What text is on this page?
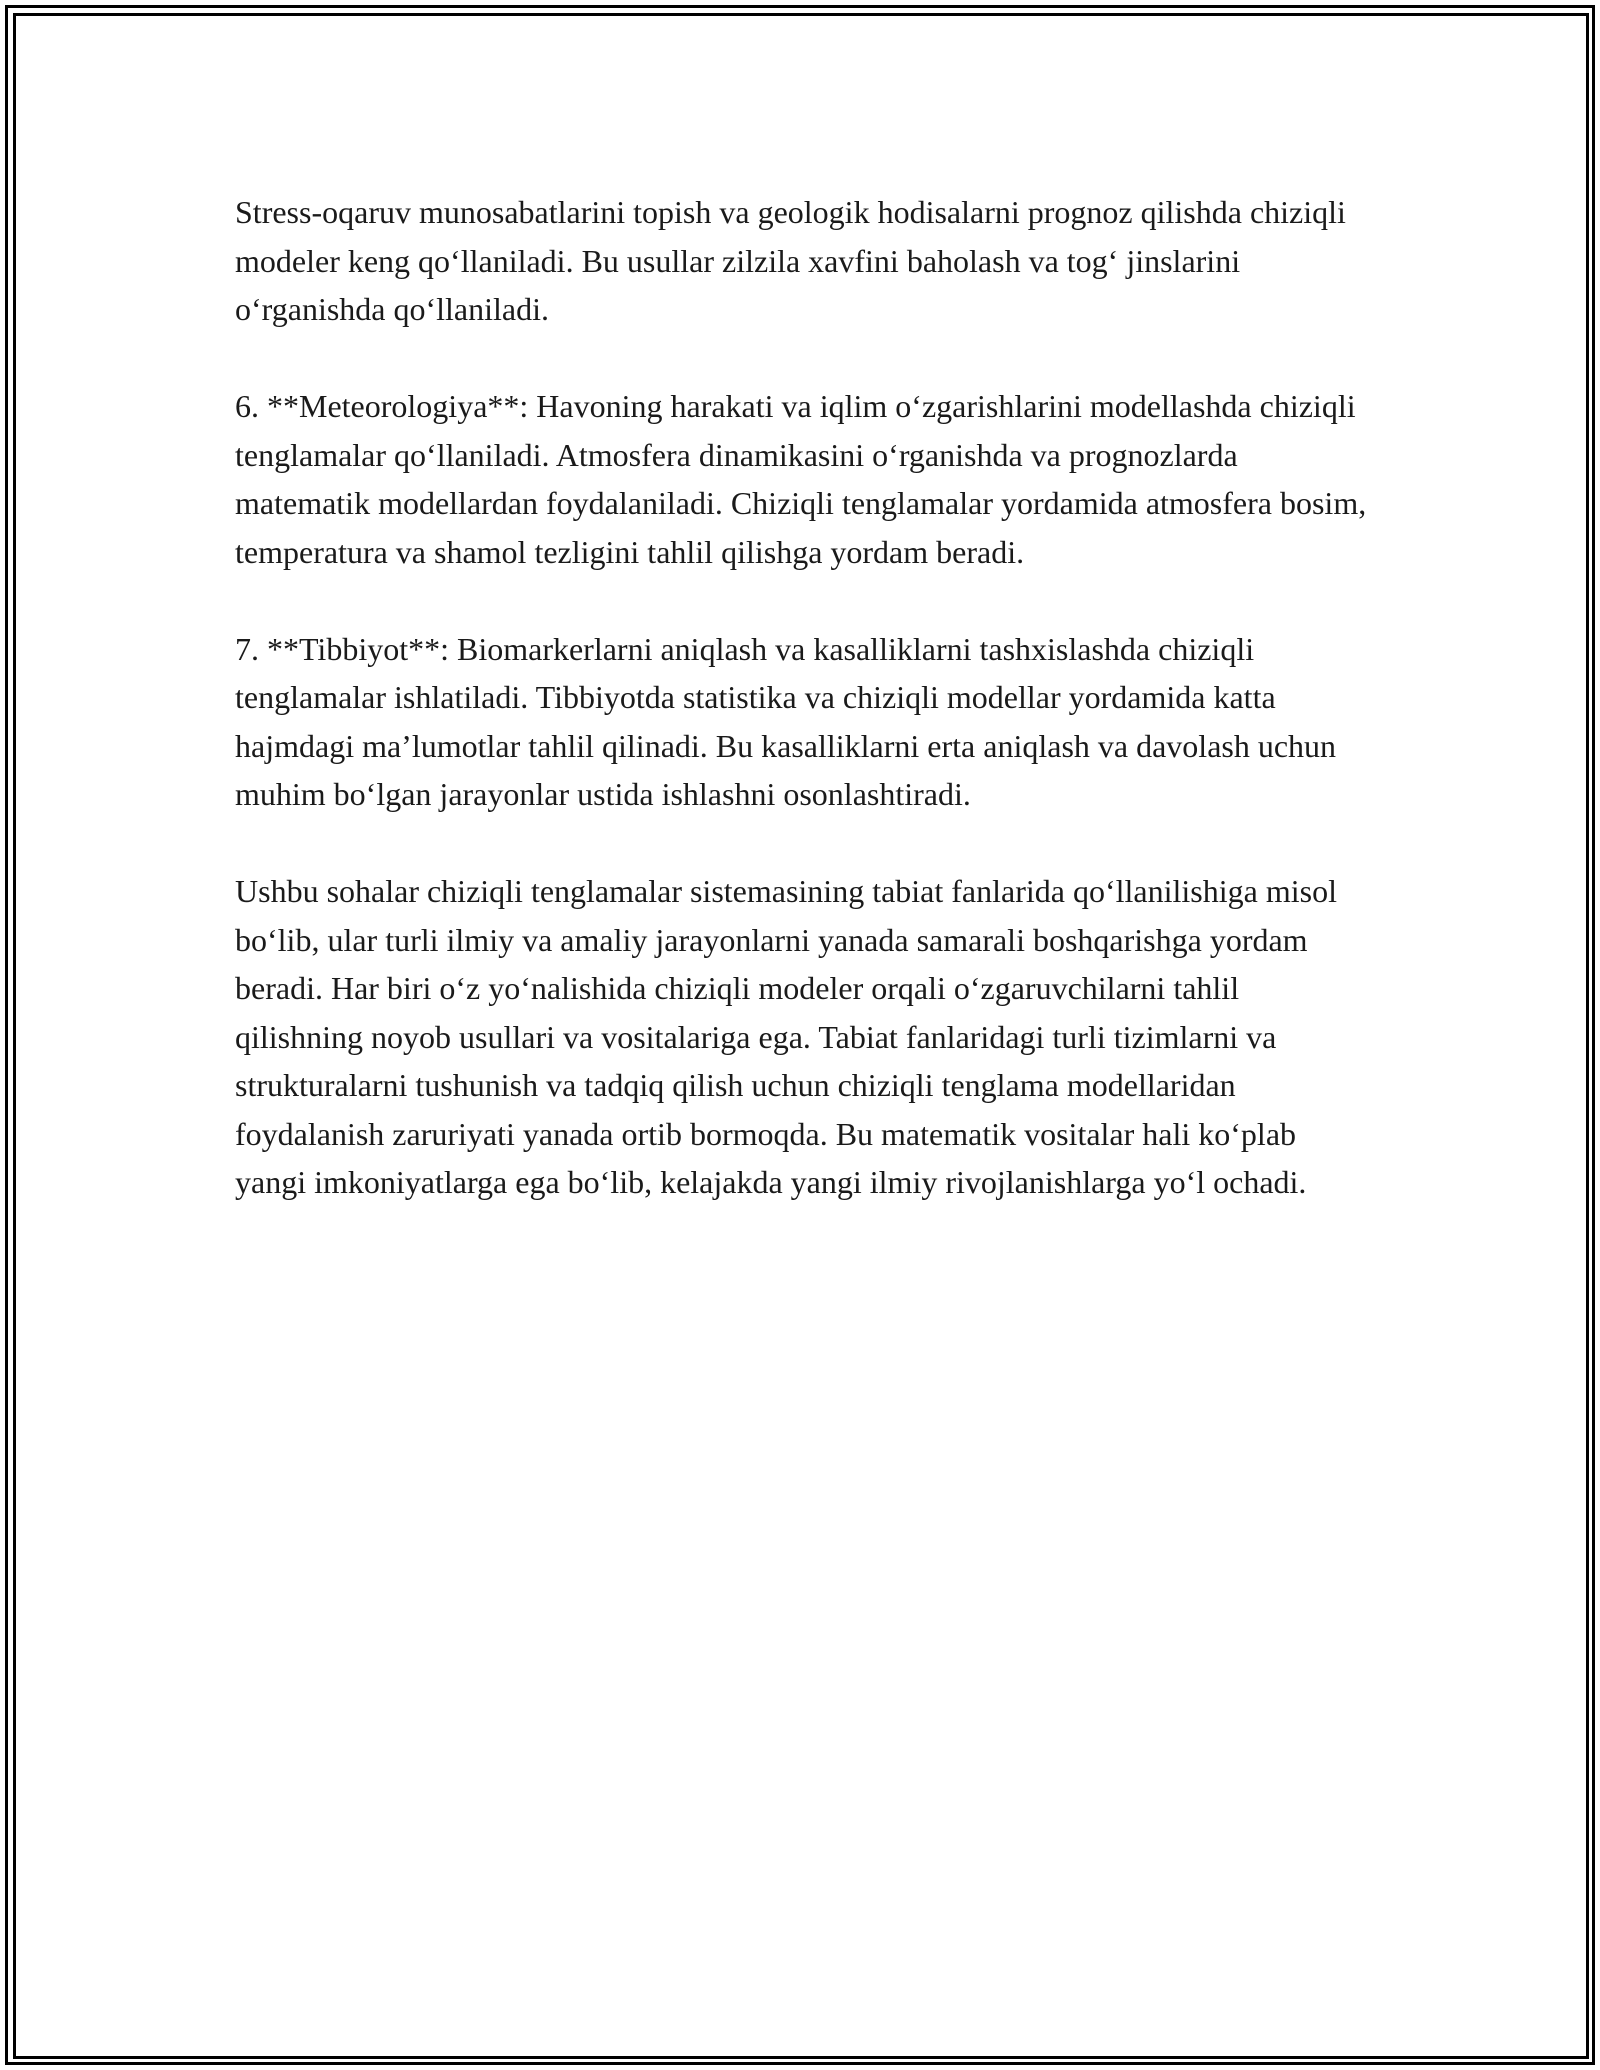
Stress-oqaruv munosabatlarini topish va geologik hodisalarni prognoz qilishda chiziqli modeler keng qo‘llaniladi. Bu usullar zilzila xavfini baholash va tog‘ jinslarini o‘rganishda qo‘llaniladi.

6. **Meteorologiya**: Havoning harakati va iqlim o‘zgarishlarini modellashda chiziqli tenglamalar qo‘llaniladi. Atmosfera dinamikasini o‘rganishda va prognozlarda matematik modellardan foydalaniladi. Chiziqli tenglamalar yordamida atmosfera bosim, temperatura va shamol tezligini tahlil qilishga yordam beradi.

7. **Tibbiyot**: Biomarkerlarni aniqlash va kasalliklarni tashxislashda chiziqli tenglamalar ishlatiladi. Tibbiyotda statistika va chiziqli modellar yordamida katta hajmdagi ma’lumotlar tahlil qilinadi. Bu kasalliklarni erta aniqlash va davolash uchun muhim bo‘lgan jarayonlar ustida ishlashni osonlashtiradi.

Ushbu sohalar chiziqli tenglamalar sistemasining tabiat fanlarida qo‘llanilishiga misol bo‘lib, ular turli ilmiy va amaliy jarayonlarni yanada samarali boshqarishga yordam beradi. Har biri o‘z yo‘nalishida chiziqli modeler orqali o‘zgaruvchilarni tahlil qilishning noyob usullari va vositalariga ega. Tabiat fanlaridagi turli tizimlarni va strukturalarni tushunish va tadqiq qilish uchun chiziqli tenglama modellaridan foydalanish zaruriyati yanada ortib bormoqda. Bu matematik vositalar hali ko‘plab yangi imkoniyatlarga ega bo‘lib, kelajakda yangi ilmiy rivojlanishlarga yo‘l ochadi.
